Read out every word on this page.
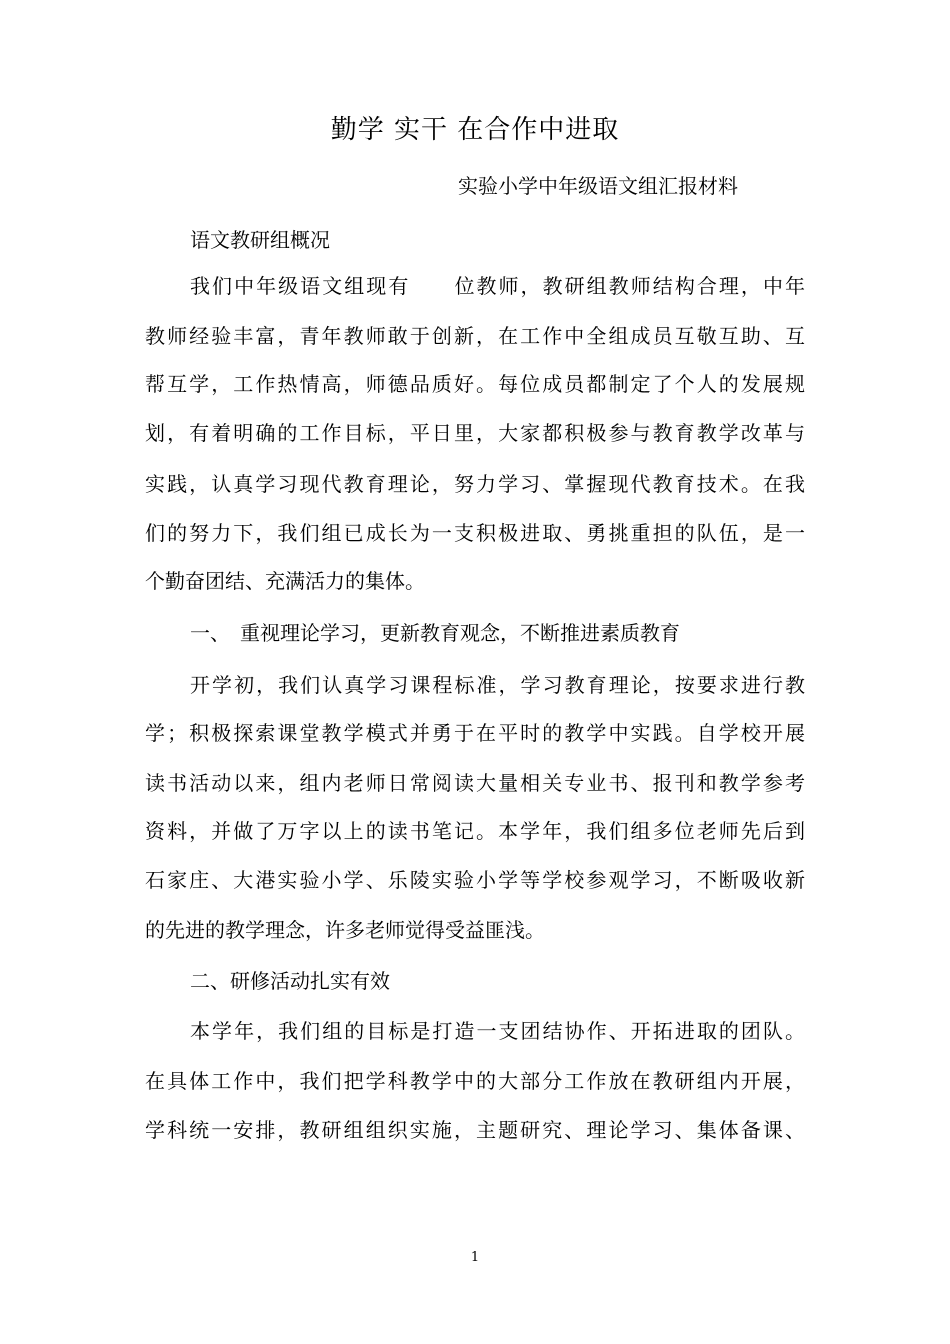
勤学 实干 在合作中进取
实验小学中年级语文组汇报材料
语文教研组概况
我们中年级语文组现有　　位教师，教研组教师结构合理，中年
教师经验丰富，青年教师敢于创新，在工作中全组成员互敬互助、互
帮互学，工作热情高，师德品质好。每位成员都制定了个人的发展规
划，有着明确的工作目标，平日里，大家都积极参与教育教学改革与
实践，认真学习现代教育理论，努力学习、掌握现代教育技术。在我
们的努力下，我们组已成长为一支积极进取、勇挑重担的队伍，是一
个勤奋团结、充满活力的集体。
一、　重视理论学习，更新教育观念，不断推进素质教育
开学初，我们认真学习课程标准，学习教育理论，按要求进行教
学；积极探索课堂教学模式并勇于在平时的教学中实践。自学校开展
读书活动以来，组内老师日常阅读大量相关专业书、报刊和教学参考
资料，并做了万字以上的读书笔记。本学年，我们组多位老师先后到
石家庄、大港实验小学、乐陵实验小学等学校参观学习，不断吸收新
的先进的教学理念，许多老师觉得受益匪浅。
二、研修活动扎实有效
本学年，我们组的目标是打造一支团结协作、开拓进取的团队。
在具体工作中，我们把学科教学中的大部分工作放在教研组内开展，
学科统一安排，教研组组织实施，主题研究、理论学习、集体备课、
1
